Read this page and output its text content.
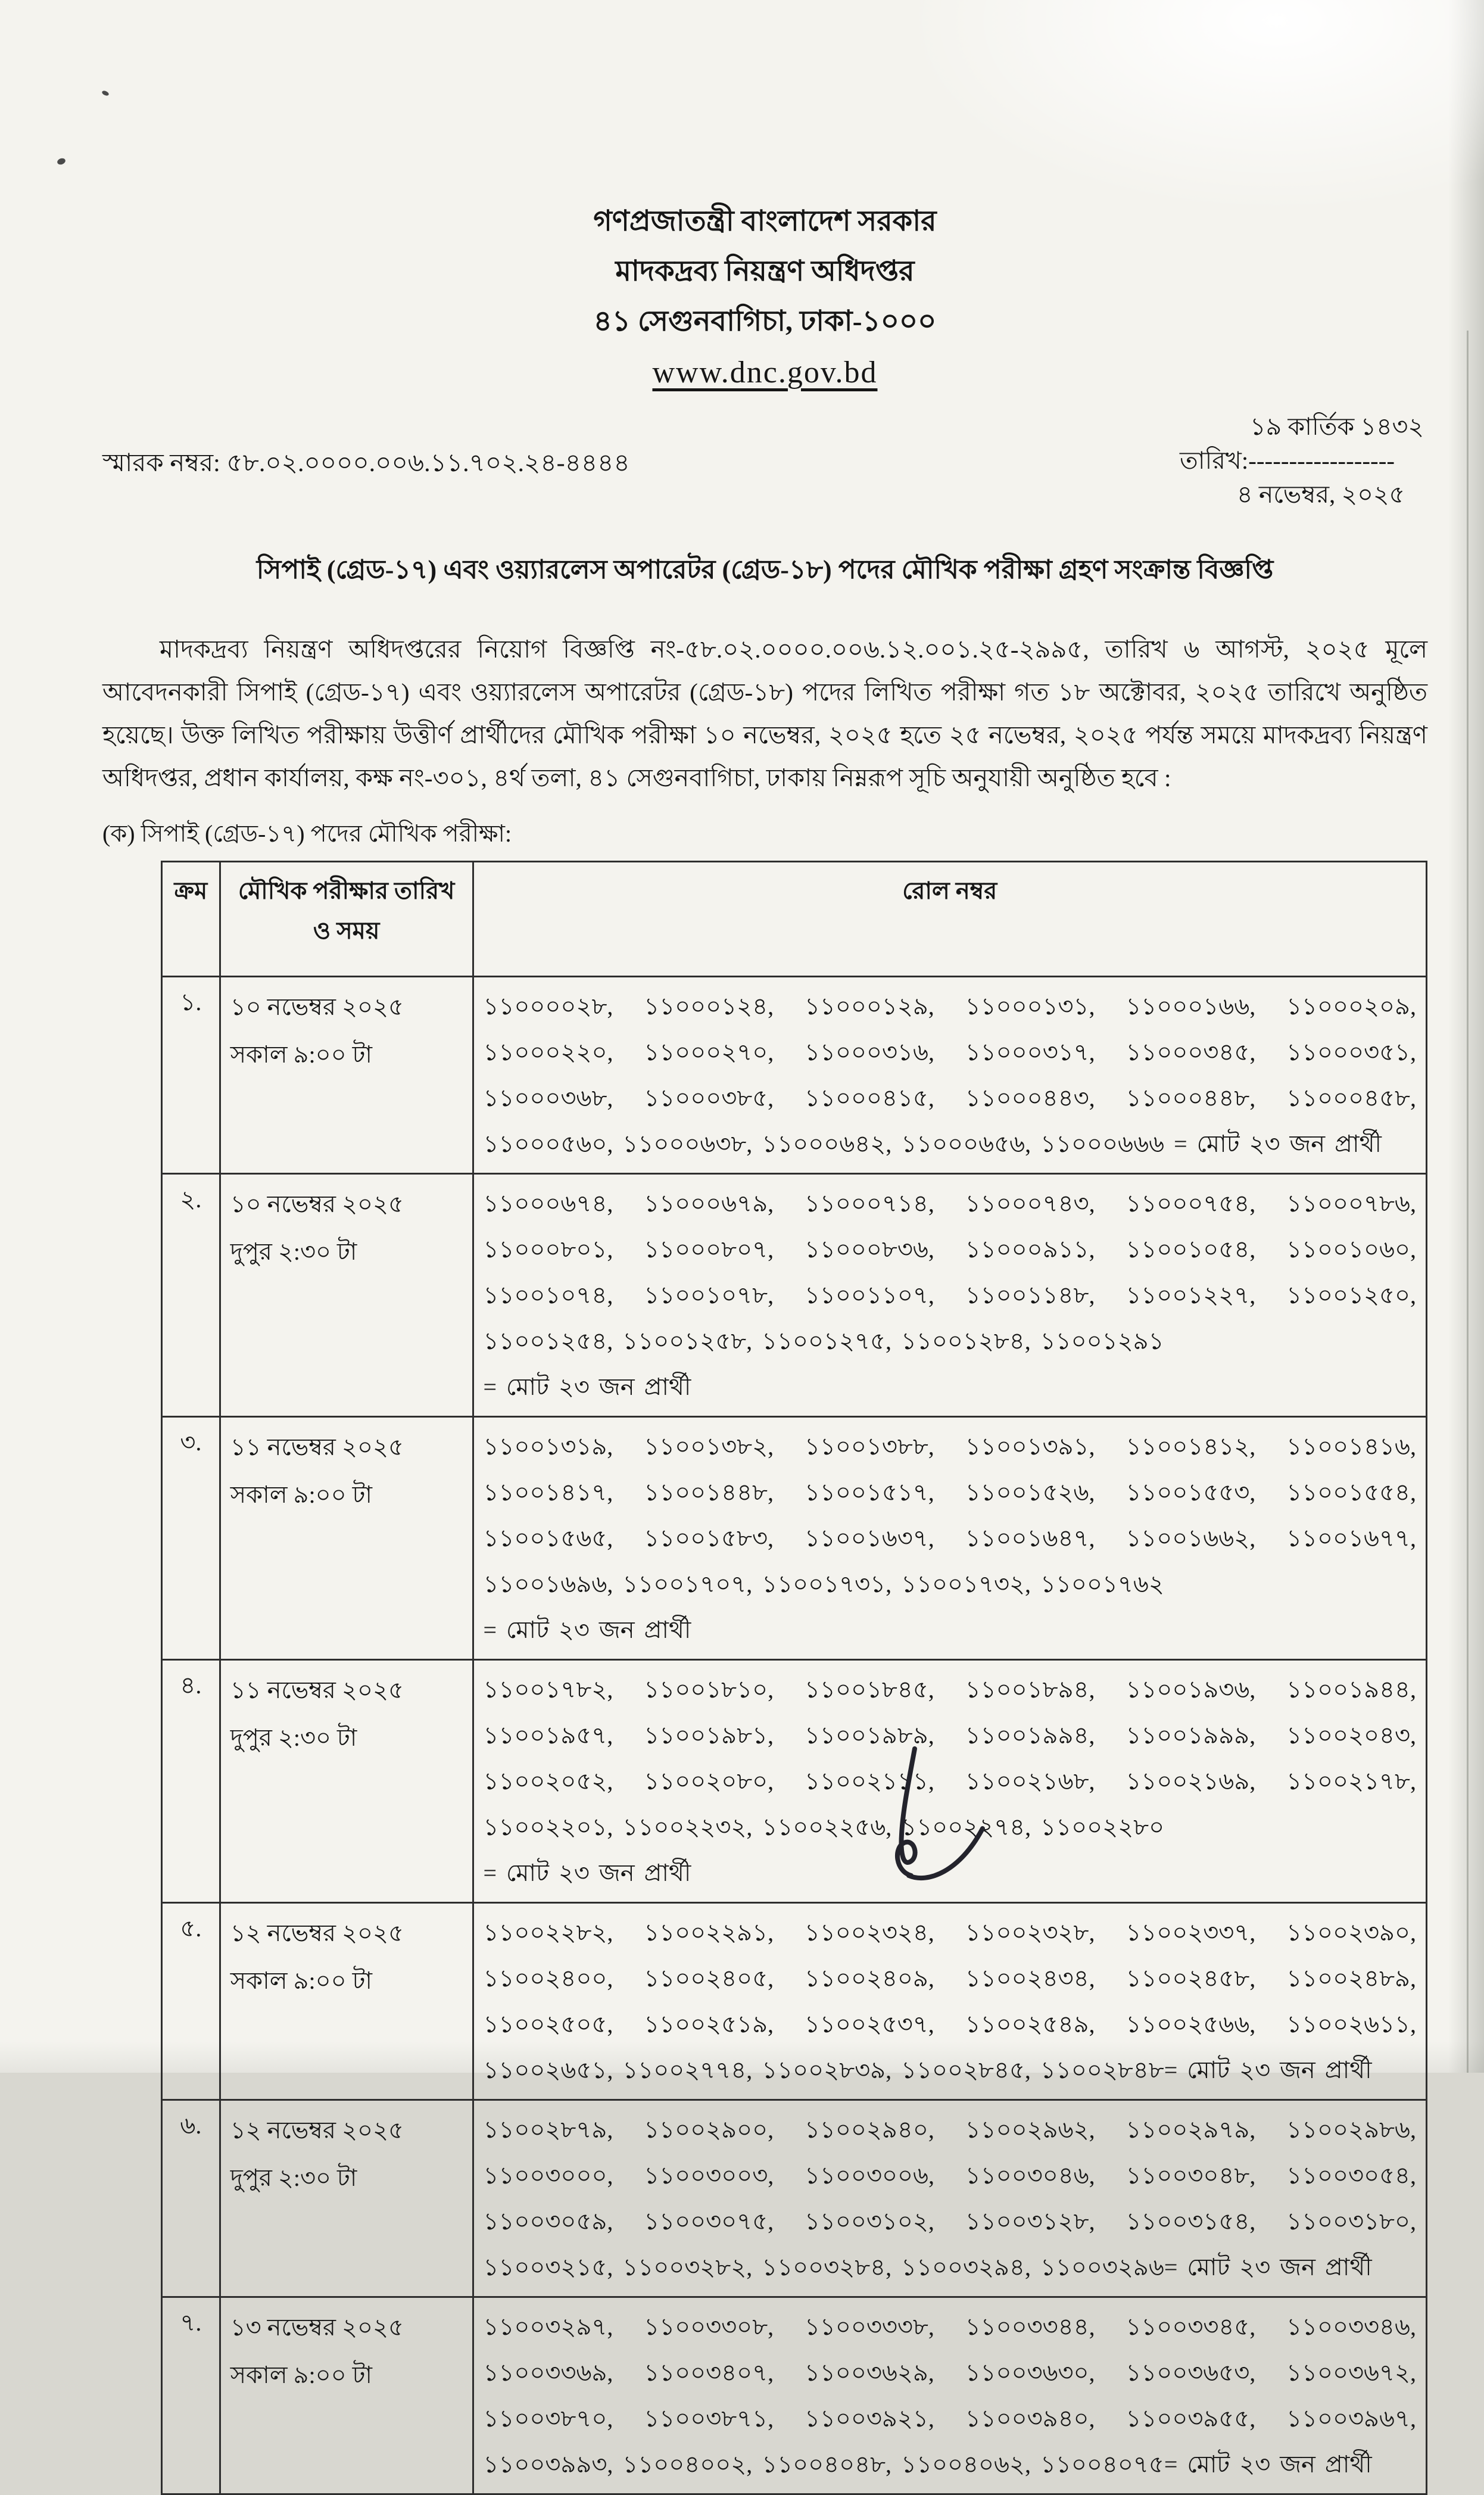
গণপ্রজাতন্ত্রী বাংলাদেশ সরকার
মাদকদ্রব্য নিয়ন্ত্রণ অধিদপ্তর
৪১ সেগুনবাগিচা, ঢাকা-১০০০
www.dnc.gov.bd
স্মারক নম্বর: ৫৮.০২.০০০০.০০৬.১১.৭০২.২৪-৪৪৪৪
১৯ কার্তিক ১৪৩২
তারিখ:------------------
৪ নভেম্বর, ২০২৫
সিপাই (গ্রেড-১৭) এবং ওয়্যারলেস অপারেটর (গ্রেড-১৮) পদের মৌখিক পরীক্ষা গ্রহণ সংক্রান্ত বিজ্ঞপ্তি
মাদকদ্রব্য নিয়ন্ত্রণ অধিদপ্তরের নিয়োগ বিজ্ঞপ্তি নং-৫৮.০২.০০০০.০০৬.১২.০০১.২৫-২৯৯৫, তারিখ ৬ আগস্ট, ২০২৫ মূলে আবেদনকারী সিপাই (গ্রেড-১৭) এবং ওয়্যারলেস অপারেটর (গ্রেড-১৮) পদের লিখিত পরীক্ষা গত ১৮ অক্টোবর, ২০২৫ তারিখে অনুষ্ঠিত হয়েছে। উক্ত লিখিত পরীক্ষায় উত্তীর্ণ প্রার্থীদের মৌখিক পরীক্ষা ১০ নভেম্বর, ২০২৫ হতে ২৫ নভেম্বর, ২০২৫ পর্যন্ত সময়ে মাদকদ্রব্য নিয়ন্ত্রণ অধিদপ্তর, প্রধান কার্যালয়, কক্ষ নং-৩০১, ৪র্থ তলা, ৪১ সেগুনবাগিচা, ঢাকায় নিম্নরূপ সূচি অনুযায়ী অনুষ্ঠিত হবে :
(ক) সিপাই (গ্রেড-১৭) পদের মৌখিক পরীক্ষা:
ক্রম	মৌখিক পরীক্ষার তারিখ ও সময়	রোল নম্বর
১.	১০ নভেম্বর ২০২৫
সকাল ৯:০০ টা	১১০০০০২৮, ১১০০০১২৪, ১১০০০১২৯, ১১০০০১৩১, ১১০০০১৬৬, ১১০০০২০৯, ১১০০০২২০, ১১০০০২৭০, ১১০০০৩১৬, ১১০০০৩১৭, ১১০০০৩৪৫, ১১০০০৩৫১, ১১০০০৩৬৮, ১১০০০৩৮৫, ১১০০০৪১৫, ১১০০০৪৪৩, ১১০০০৪৪৮, ১১০০০৪৫৮, ১১০০০৫৬০, ১১০০০৬৩৮, ১১০০০৬৪২, ১১০০০৬৫৬, ১১০০০৬৬৬ = মোট ২৩ জন প্রার্থী
২.	১০ নভেম্বর ২০২৫
দুপুর ২:৩০ টা
	১১০০০৬৭৪, ১১০০০৬৭৯, ১১০০০৭১৪, ১১০০০৭৪৩, ১১০০০৭৫৪, ১১০০০৭৮৬, ১১০০০৮০১, ১১০০০৮০৭, ১১০০০৮৩৬, ১১০০০৯১১, ১১০০১০৫৪, ১১০০১০৬০, ১১০০১০৭৪, ১১০০১০৭৮, ১১০০১১০৭, ১১০০১১৪৮, ১১০০১২২৭, ১১০০১২৫০, ১১০০১২৫৪, ১১০০১২৫৮, ১১০০১২৭৫, ১১০০১২৮৪, ১১০০১২৯১
= মোট ২৩ জন প্রার্থী

৩.	১১ নভেম্বর ২০২৫
সকাল ৯:০০ টা
	১১০০১৩১৯, ১১০০১৩৮২, ১১০০১৩৮৮, ১১০০১৩৯১, ১১০০১৪১২, ১১০০১৪১৬, ১১০০১৪১৭, ১১০০১৪৪৮, ১১০০১৫১৭, ১১০০১৫২৬, ১১০০১৫৫৩, ১১০০১৫৫৪, ১১০০১৫৬৫, ১১০০১৫৮৩, ১১০০১৬৩৭, ১১০০১৬৪৭, ১১০০১৬৬২, ১১০০১৬৭৭, ১১০০১৬৯৬, ১১০০১৭০৭, ১১০০১৭৩১, ১১০০১৭৩২, ১১০০১৭৬২
= মোট ২৩ জন প্রার্থী

৪.	১১ নভেম্বর ২০২৫
দুপুর ২:৩০ টা
	১১০০১৭৮২, ১১০০১৮১০, ১১০০১৮৪৫, ১১০০১৮৯৪, ১১০০১৯৩৬, ১১০০১৯৪৪, ১১০০১৯৫৭, ১১০০১৯৮১, ১১০০১৯৮৯, ১১০০১৯৯৪, ১১০০১৯৯৯, ১১০০২০৪৩, ১১০০২০৫২, ১১০০২০৮০, ১১০০২১১১, ১১০০২১৬৮, ১১০০২১৬৯, ১১০০২১৭৮, ১১০০২২০১, ১১০০২২৩২, ১১০০২২৫৬, ১১০০২২৭৪, ১১০০২২৮০
= মোট ২৩ জন প্রার্থী

৫.	১২ নভেম্বর ২০২৫
সকাল ৯:০০ টা	১১০০২২৮২, ১১০০২২৯১, ১১০০২৩২৪, ১১০০২৩২৮, ১১০০২৩৩৭, ১১০০২৩৯০, ১১০০২৪০০, ১১০০২৪০৫, ১১০০২৪০৯, ১১০০২৪৩৪, ১১০০২৪৫৮, ১১০০২৪৮৯, ১১০০২৫০৫, ১১০০২৫১৯, ১১০০২৫৩৭, ১১০০২৫৪৯, ১১০০২৫৬৬, ১১০০২৬১১, ১১০০২৬৫১, ১১০০২৭৭৪, ১১০০২৮৩৯, ১১০০২৮৪৫, ১১০০২৮৪৮= মোট ২৩ জন প্রার্থী
৬.	১২ নভেম্বর ২০২৫
দুপুর ২:৩০ টা	১১০০২৮৭৯, ১১০০২৯০০, ১১০০২৯৪০, ১১০০২৯৬২, ১১০০২৯৭৯, ১১০০২৯৮৬, ১১০০৩০০০, ১১০০৩০০৩, ১১০০৩০০৬, ১১০০৩০৪৬, ১১০০৩০৪৮, ১১০০৩০৫৪, ১১০০৩০৫৯, ১১০০৩০৭৫, ১১০০৩১০২, ১১০০৩১২৮, ১১০০৩১৫৪, ১১০০৩১৮০, ১১০০৩২১৫, ১১০০৩২৮২, ১১০০৩২৮৪, ১১০০৩২৯৪, ১১০০৩২৯৬= মোট ২৩ জন প্রার্থী
৭.	১৩ নভেম্বর ২০২৫
সকাল ৯:০০ টা	১১০০৩২৯৭, ১১০০৩৩০৮, ১১০০৩৩৩৮, ১১০০৩৩৪৪, ১১০০৩৩৪৫, ১১০০৩৩৪৬, ১১০০৩৩৬৯, ১১০০৩৪০৭, ১১০০৩৬২৯, ১১০০৩৬৩০, ১১০০৩৬৫৩, ১১০০৩৬৭২, ১১০০৩৮৭০, ১১০০৩৮৭১, ১১০০৩৯২১, ১১০০৩৯৪০, ১১০০৩৯৫৫, ১১০০৩৯৬৭, ১১০০৩৯৯৩, ১১০০৪০০২, ১১০০৪০৪৮, ১১০০৪০৬২, ১১০০৪০৭৫= মোট ২৩ জন প্রার্থী
